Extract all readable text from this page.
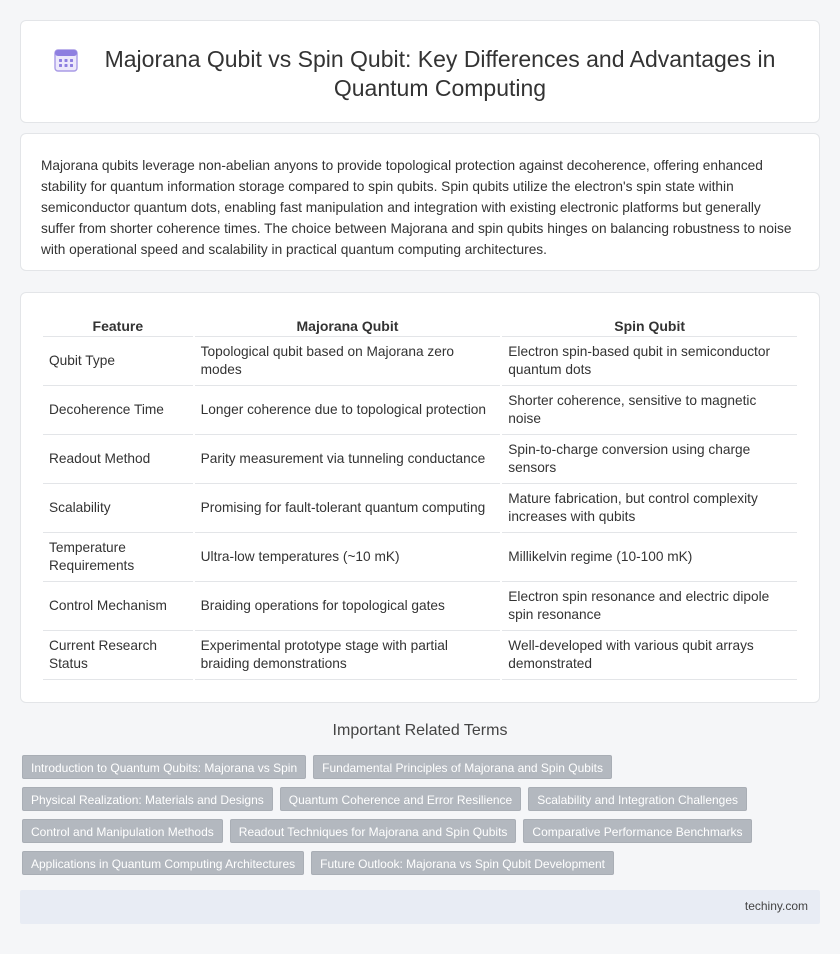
Majorana Qubit vs Spin Qubit: Key Differences and Advantages in Quantum Computing

Majorana qubits leverage non-abelian anyons to provide topological protection against decoherence, offering enhanced stability for quantum information storage compared to spin qubits. Spin qubits utilize the electron's spin state within semiconductor quantum dots, enabling fast manipulation and integration with existing electronic platforms but generally suffer from shorter coherence times. The choice between Majorana and spin qubits hinges on balancing robustness to noise with operational speed and scalability in practical quantum computing architectures.

Feature	Majorana Qubit	Spin Qubit
Qubit Type	Topological qubit based on Majorana zero modes	Electron spin-based qubit in semiconductor quantum dots
Decoherence Time	Longer coherence due to topological protection	Shorter coherence, sensitive to magnetic noise
Readout Method	Parity measurement via tunneling conductance	Spin-to-charge conversion using charge sensors
Scalability	Promising for fault-tolerant quantum computing	Mature fabrication, but control complexity increases with qubits
Temperature Requirements	Ultra-low temperatures (~10 mK)	Millikelvin regime (10-100 mK)
Control Mechanism	Braiding operations for topological gates	Electron spin resonance and electric dipole spin resonance
Current Research Status	Experimental prototype stage with partial braiding demonstrations	Well-developed with various qubit arrays demonstrated
Important Related Terms
Introduction to Quantum Qubits: Majorana vs Spin	Fundamental Principles of Majorana and Spin Qubits
Physical Realization: Materials and Designs	Quantum Coherence and Error Resilience	Scalability and Integration Challenges
Control and Manipulation Methods	Readout Techniques for Majorana and Spin Qubits	Comparative Performance Benchmarks
Applications in Quantum Computing Architectures	Future Outlook: Majorana vs Spin Qubit Development
techiny.com
